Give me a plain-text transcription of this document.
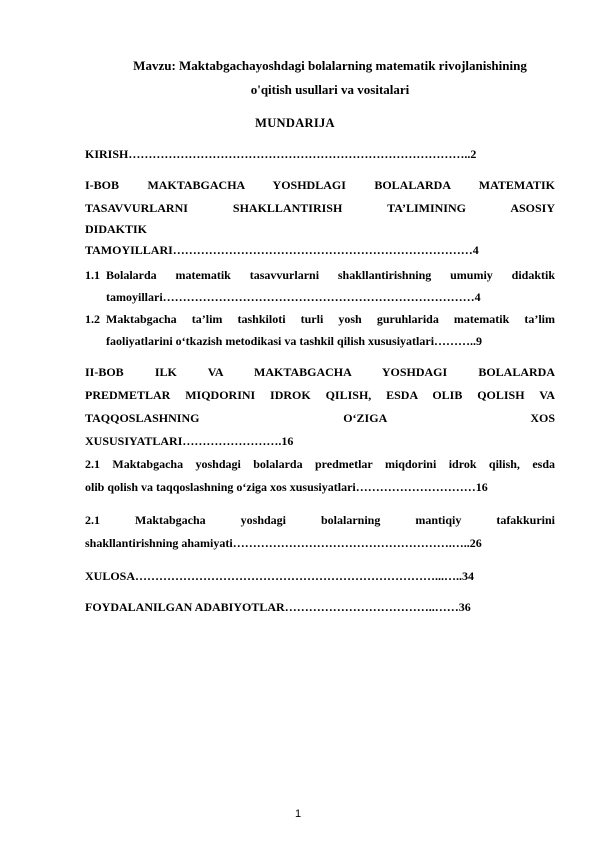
Mavzu: Maktabgachayoshdagi bolalarning matematik rivojlanishining
o'qitish usullari va vositalari
MUNDARIJA
KIRISH…………………………………………………………………………..2
I-BOB MAKTABGACHA YOSHDLAGI BOLALARDA MATEMATIK
TASAVVURLARNI SHAKLLANTIRISH TA’LIMINING ASOSIY
DIDAKTIK
TAMOYILLARI…………………………………………………………………4
1.1 Bolalarda matematik tasavvurlarni shakllantirishning umumiy didaktik
tamoyillari……………………………………………………………………4
1.2 Maktabgacha ta’lim tashkiloti turli yosh guruhlarida matematik ta’lim
faoliyatlarini o‘tkazish metodikasi va tashkil qilish xususiyatlari………..9
II-BOB ILK VA MAKTABGACHA YOSHDAGI BOLALARDA
PREDMETLAR MIQDORINI IDROK QILISH, ESDA OLIB QOLISH VA
TAQQOSLASHNING O‘ZIGA XOS
XUSUSIYATLARI…………………….16
2.1 Maktabgacha yoshdagi bolalarda predmetlar miqdorini idrok qilish, esda
olib qolish va taqqoslashning o‘ziga xos xususiyatlari…………………………16
2.1 Maktabgacha yoshdagi bolalarning mantiqiy tafakkurini
shakllantirishning ahamiyati……………………………………………….…..26
XULOSA…………………………………………………………………...…..34
FOYDALANILGAN ADABIYOTLAR………………………………..……36
1
